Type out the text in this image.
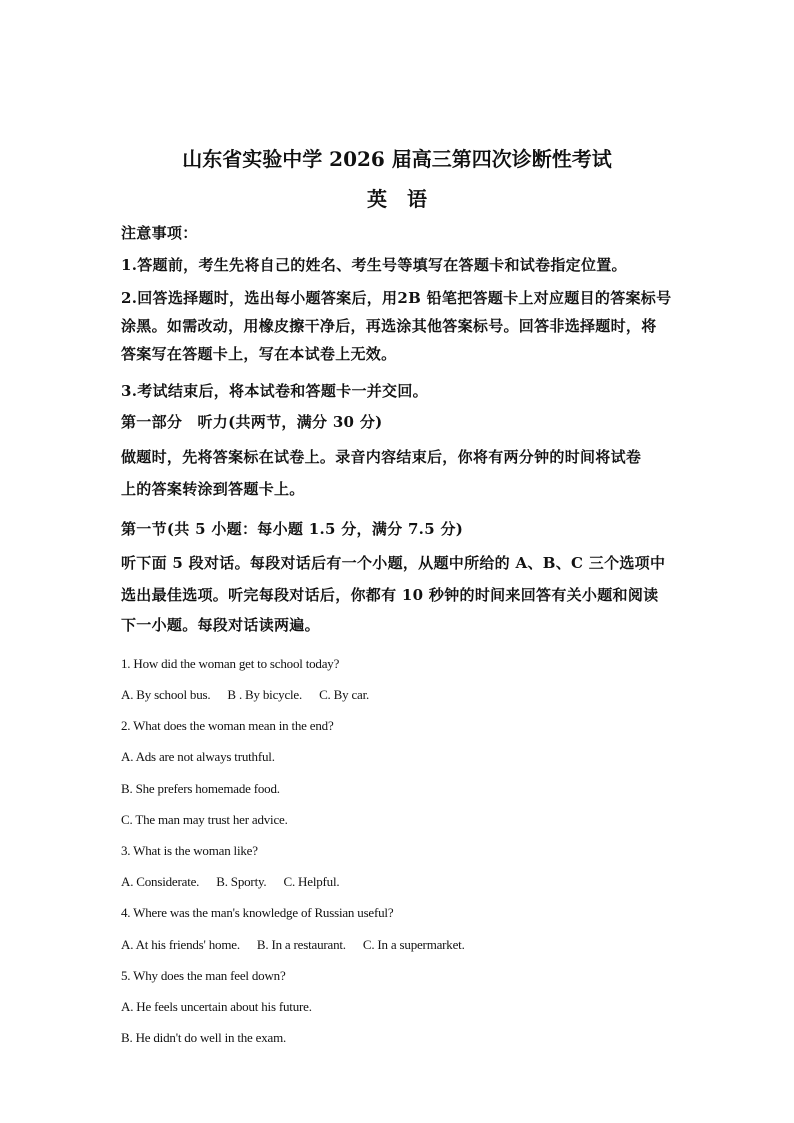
山东省实验中学 2026 届高三第四次诊断性考试
英　语
注意事项：
1.答题前，考生先将自己的姓名、考生号等填写在答题卡和试卷指定位置。
2.回答选择题时，选出每小题答案后，用2B 铅笔把答题卡上对应题目的答案标号
涂黑。如需改动，用橡皮擦干净后，再选涂其他答案标号。回答非选择题时，将
答案写在答题卡上，写在本试卷上无效。
3.考试结束后，将本试卷和答题卡一并交回。
第一部分　听力(共两节，满分 30 分)
做题时，先将答案标在试卷上。录音内容结束后，你将有两分钟的时间将试卷
上的答案转涂到答题卡上。
第一节(共 5 小题：每小题 1.5 分，满分 7.5 分)
听下面 5 段对话。每段对话后有一个小题，从题中所给的 A、B、C 三个选项中
选出最佳选项。听完每段对话后，你都有 10 秒钟的时间来回答有关小题和阅读
下一小题。每段对话读两遍。
1. How did the woman get to school today?
A. By school bus. B . By bicycle. C. By car.
2. What does the woman mean in the end?
A. Ads are not always truthful.
B. She prefers homemade food.
C. The man may trust her advice.
3. What is the woman like?
A. Considerate. B. Sporty. C. Helpful.
4. Where was the man's knowledge of Russian useful?
A. At his friends' home. B. In a restaurant. C. In a supermarket.
5. Why does the man feel down?
A. He feels uncertain about his future.
B. He didn't do well in the exam.
